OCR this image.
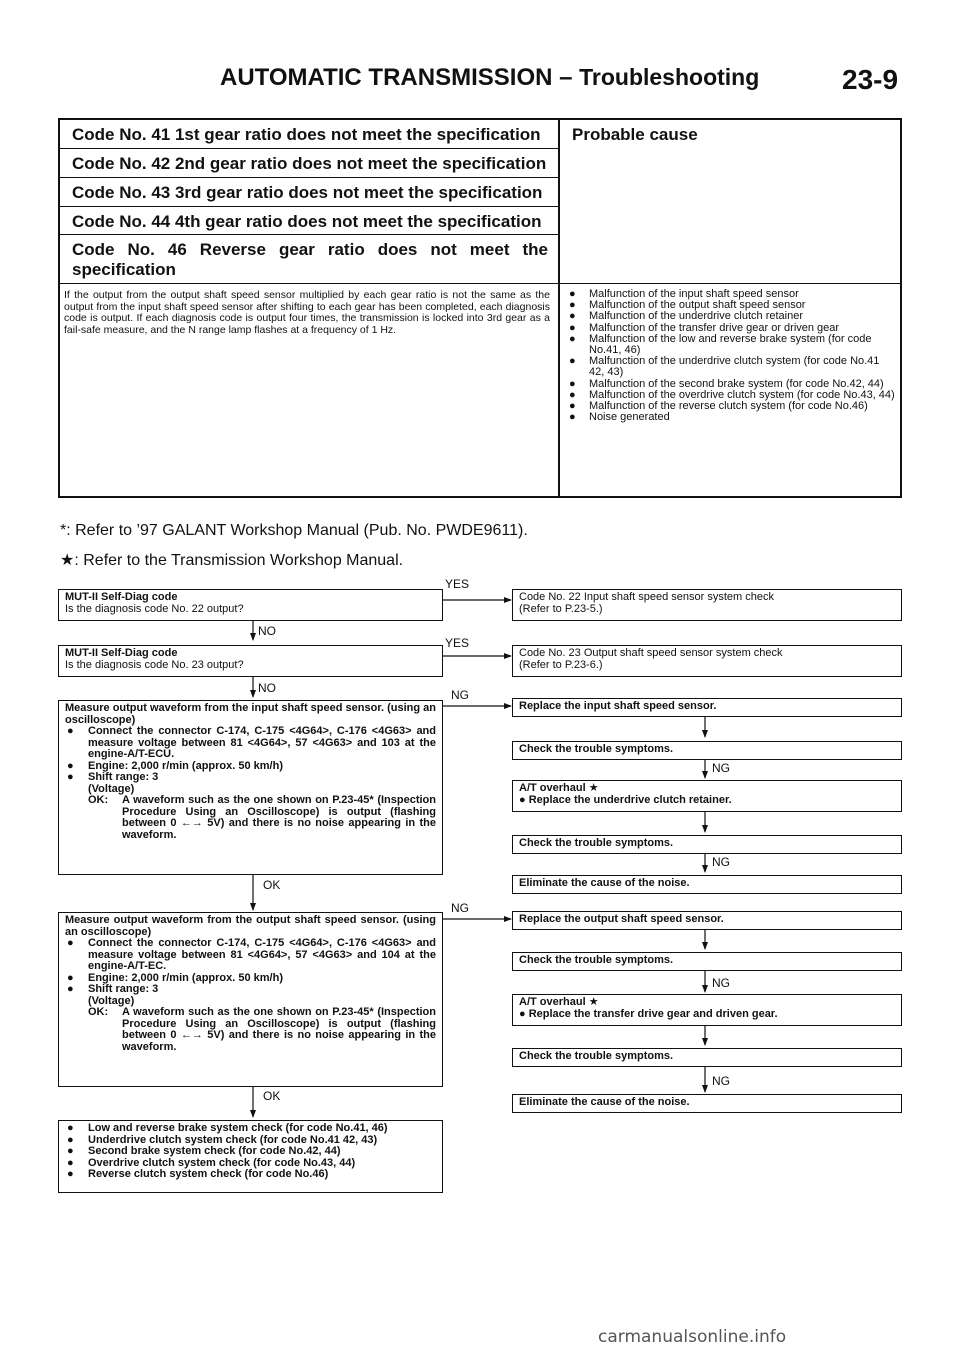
AUTOMATIC TRANSMISSION – Troubleshooting	23-9
Code No. 41 1st gear ratio does not meet the specification
Code No. 42 2nd gear ratio does not meet the specification
Code No. 43 3rd gear ratio does not meet the specification
Code No. 44 4th gear ratio does not meet the specification
Code No. 46 Reverse gear ratio does not meet the specification
Probable cause
If the output from the output shaft speed sensor multiplied by each gear ratio is not the same as the output from the input shaft speed sensor after shifting to each gear has been completed, each diagnosis code is output. If each diagnosis code is output four times, the transmission is locked into 3rd gear as a fail-safe measure, and the N range lamp flashes at a frequency of 1 Hz.
● Malfunction of the input shaft speed sensor
● Malfunction of the output shaft speed sensor
● Malfunction of the underdrive clutch retainer
● Malfunction of the transfer drive gear or driven gear
● Malfunction of the low and reverse brake system (for code No.41, 46)
● Malfunction of the underdrive clutch system (for code No.41 42, 43)
● Malfunction of the second brake system (for code No.42, 44)
● Malfunction of the overdrive clutch system (for code No.43, 44)
● Malfunction of the reverse clutch system (for code No.46)
● Noise generated
*: Refer to ’97 GALANT Workshop Manual (Pub. No. PWDE9611).
★: Refer to the Transmission Workshop Manual.
YES
YES
NG
NG
NO
NO
OK
OK
NG
NG
NG
NG
MUT-II Self-Diag code
Is the diagnosis code No. 22 output?
MUT-II Self-Diag code
Is the diagnosis code No. 23 output?
Measure output waveform from the input shaft speed sensor. (using an oscilloscope)
● Connect the connector C-174, C-175 <4G64>, C-176 <4G63> and measure voltage between 81 <4G64>, 57 <4G63> and 103 at the engine-A/T-ECU.
● Engine: 2,000 r/min (approx. 50 km/h)
● Shift range: 3
(Voltage)
OK:	A waveform such as the one shown on P.23-45* (Inspection Procedure Using an Oscilloscope) is output (flashing between 0 ←→ 5V) and there is no noise appearing in the waveform.
Measure output waveform from the output shaft speed sensor. (using an oscilloscope)
● Connect the connector C-174, C-175 <4G64>, C-176 <4G63> and measure voltage between 81 <4G64>, 57 <4G63> and 104 at the engine-A/T-EC.
● Engine: 2,000 r/min (approx. 50 km/h)
● Shift range: 3
(Voltage)
OK:	A waveform such as the one shown on P.23-45* (Inspection Procedure Using an Oscilloscope) is output (flashing between 0 ←→ 5V) and there is no noise appearing in the waveform.
● Low and reverse brake system check (for code No.41, 46)
● Underdrive clutch system check (for code No.41 42, 43)
● Second brake system check (for code No.42, 44)
● Overdrive clutch system check (for code No.43, 44)
● Reverse clutch system check (for code No.46)
Code No. 22 Input shaft speed sensor system check
(Refer to P.23-5.)
Code No. 23 Output shaft speed sensor system check
(Refer to P.23-6.)
Replace the input shaft speed sensor.
Check the trouble symptoms.
A/T overhaul ★
● Replace the underdrive clutch retainer.
Check the trouble symptoms.
Eliminate the cause of the noise.
Replace the output shaft speed sensor.
Check the trouble symptoms.
A/T overhaul ★
● Replace the transfer drive gear and driven gear.
Check the trouble symptoms.
Eliminate the cause of the noise.
carmanualsonline.info
